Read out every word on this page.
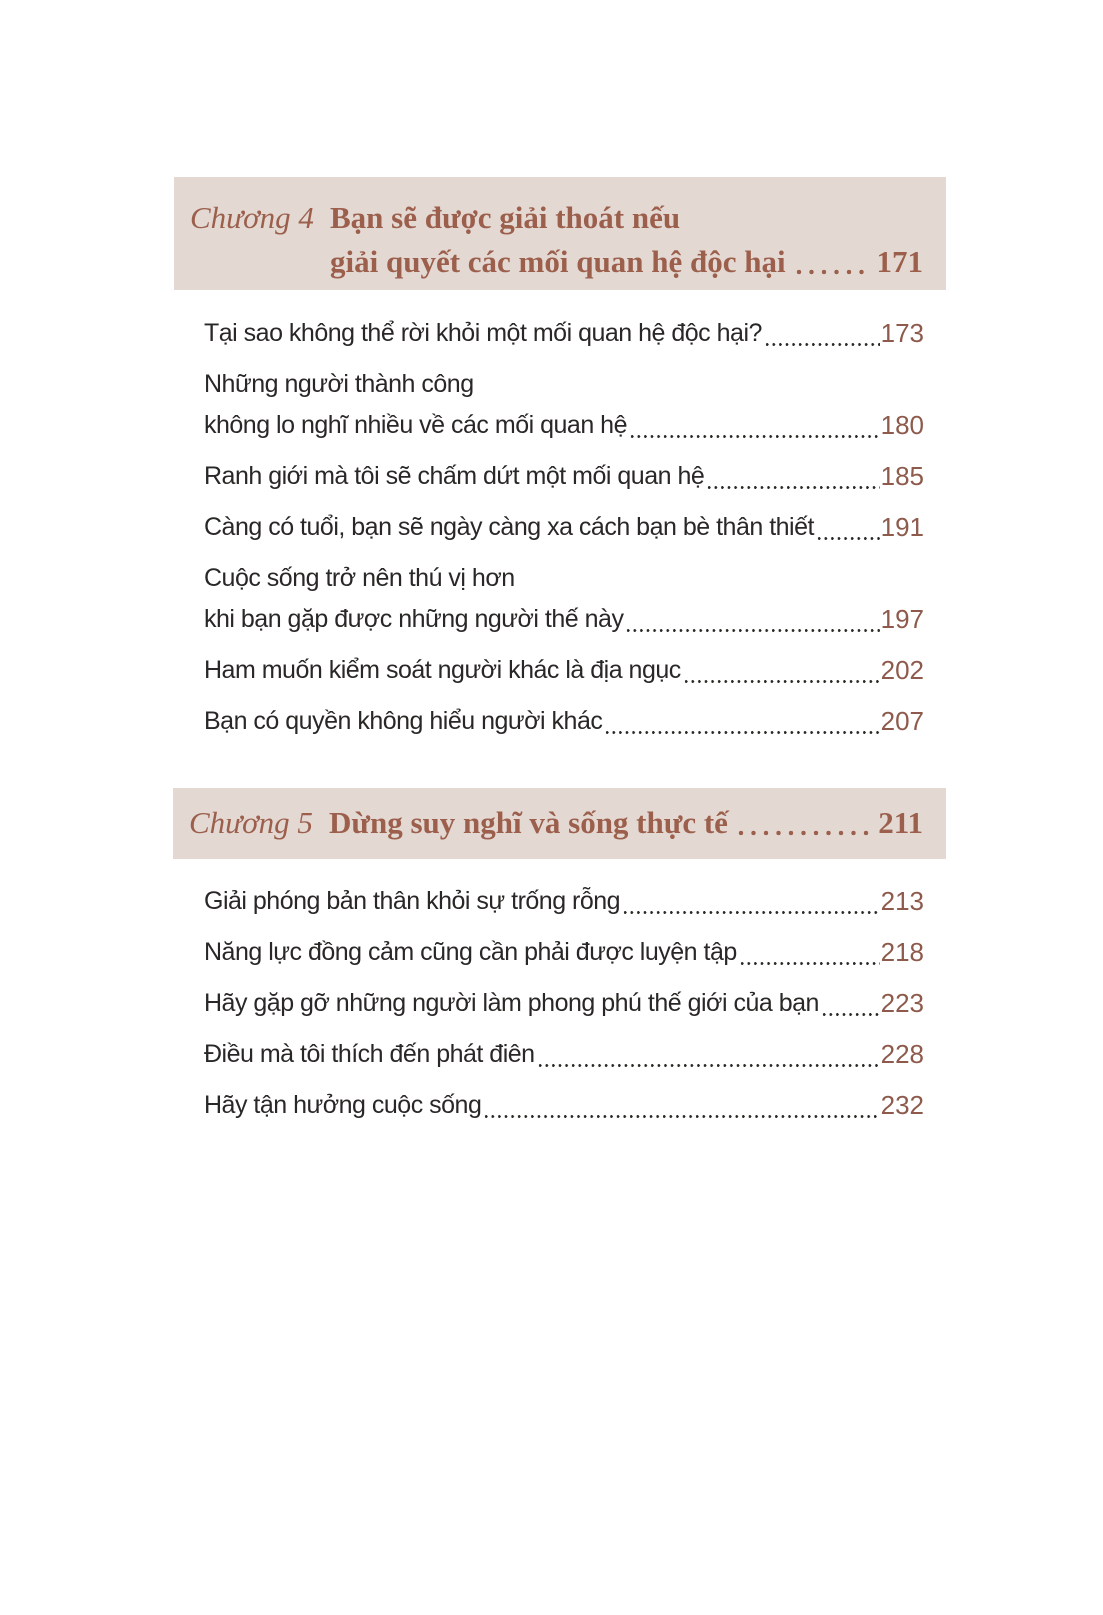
Chương 4 Bạn sẽ được giải thoát nếu
giải quyết các mối quan hệ độc hại	171
Tại sao không thể rời khỏi một mối quan hệ độc hại?	173
Những người thành công
không lo nghĩ nhiều về các mối quan hệ	180
Ranh giới mà tôi sẽ chấm dứt một mối quan hệ	185
Càng có tuổi, bạn sẽ ngày càng xa cách bạn bè thân thiết	191
Cuộc sống trở nên thú vị hơn
khi bạn gặp được những người thế này	197
Ham muốn kiểm soát người khác là địa ngục	202
Bạn có quyền không hiểu người khác	207
Chương 5 Dừng suy nghĩ và sống thực tế	211
Giải phóng bản thân khỏi sự trống rỗng	213
Năng lực đồng cảm cũng cần phải được luyện tập	218
Hãy gặp gỡ những người làm phong phú thế giới của bạn 223
Điều mà tôi thích đến phát điên	228
Hãy tận hưởng cuộc sống	232
